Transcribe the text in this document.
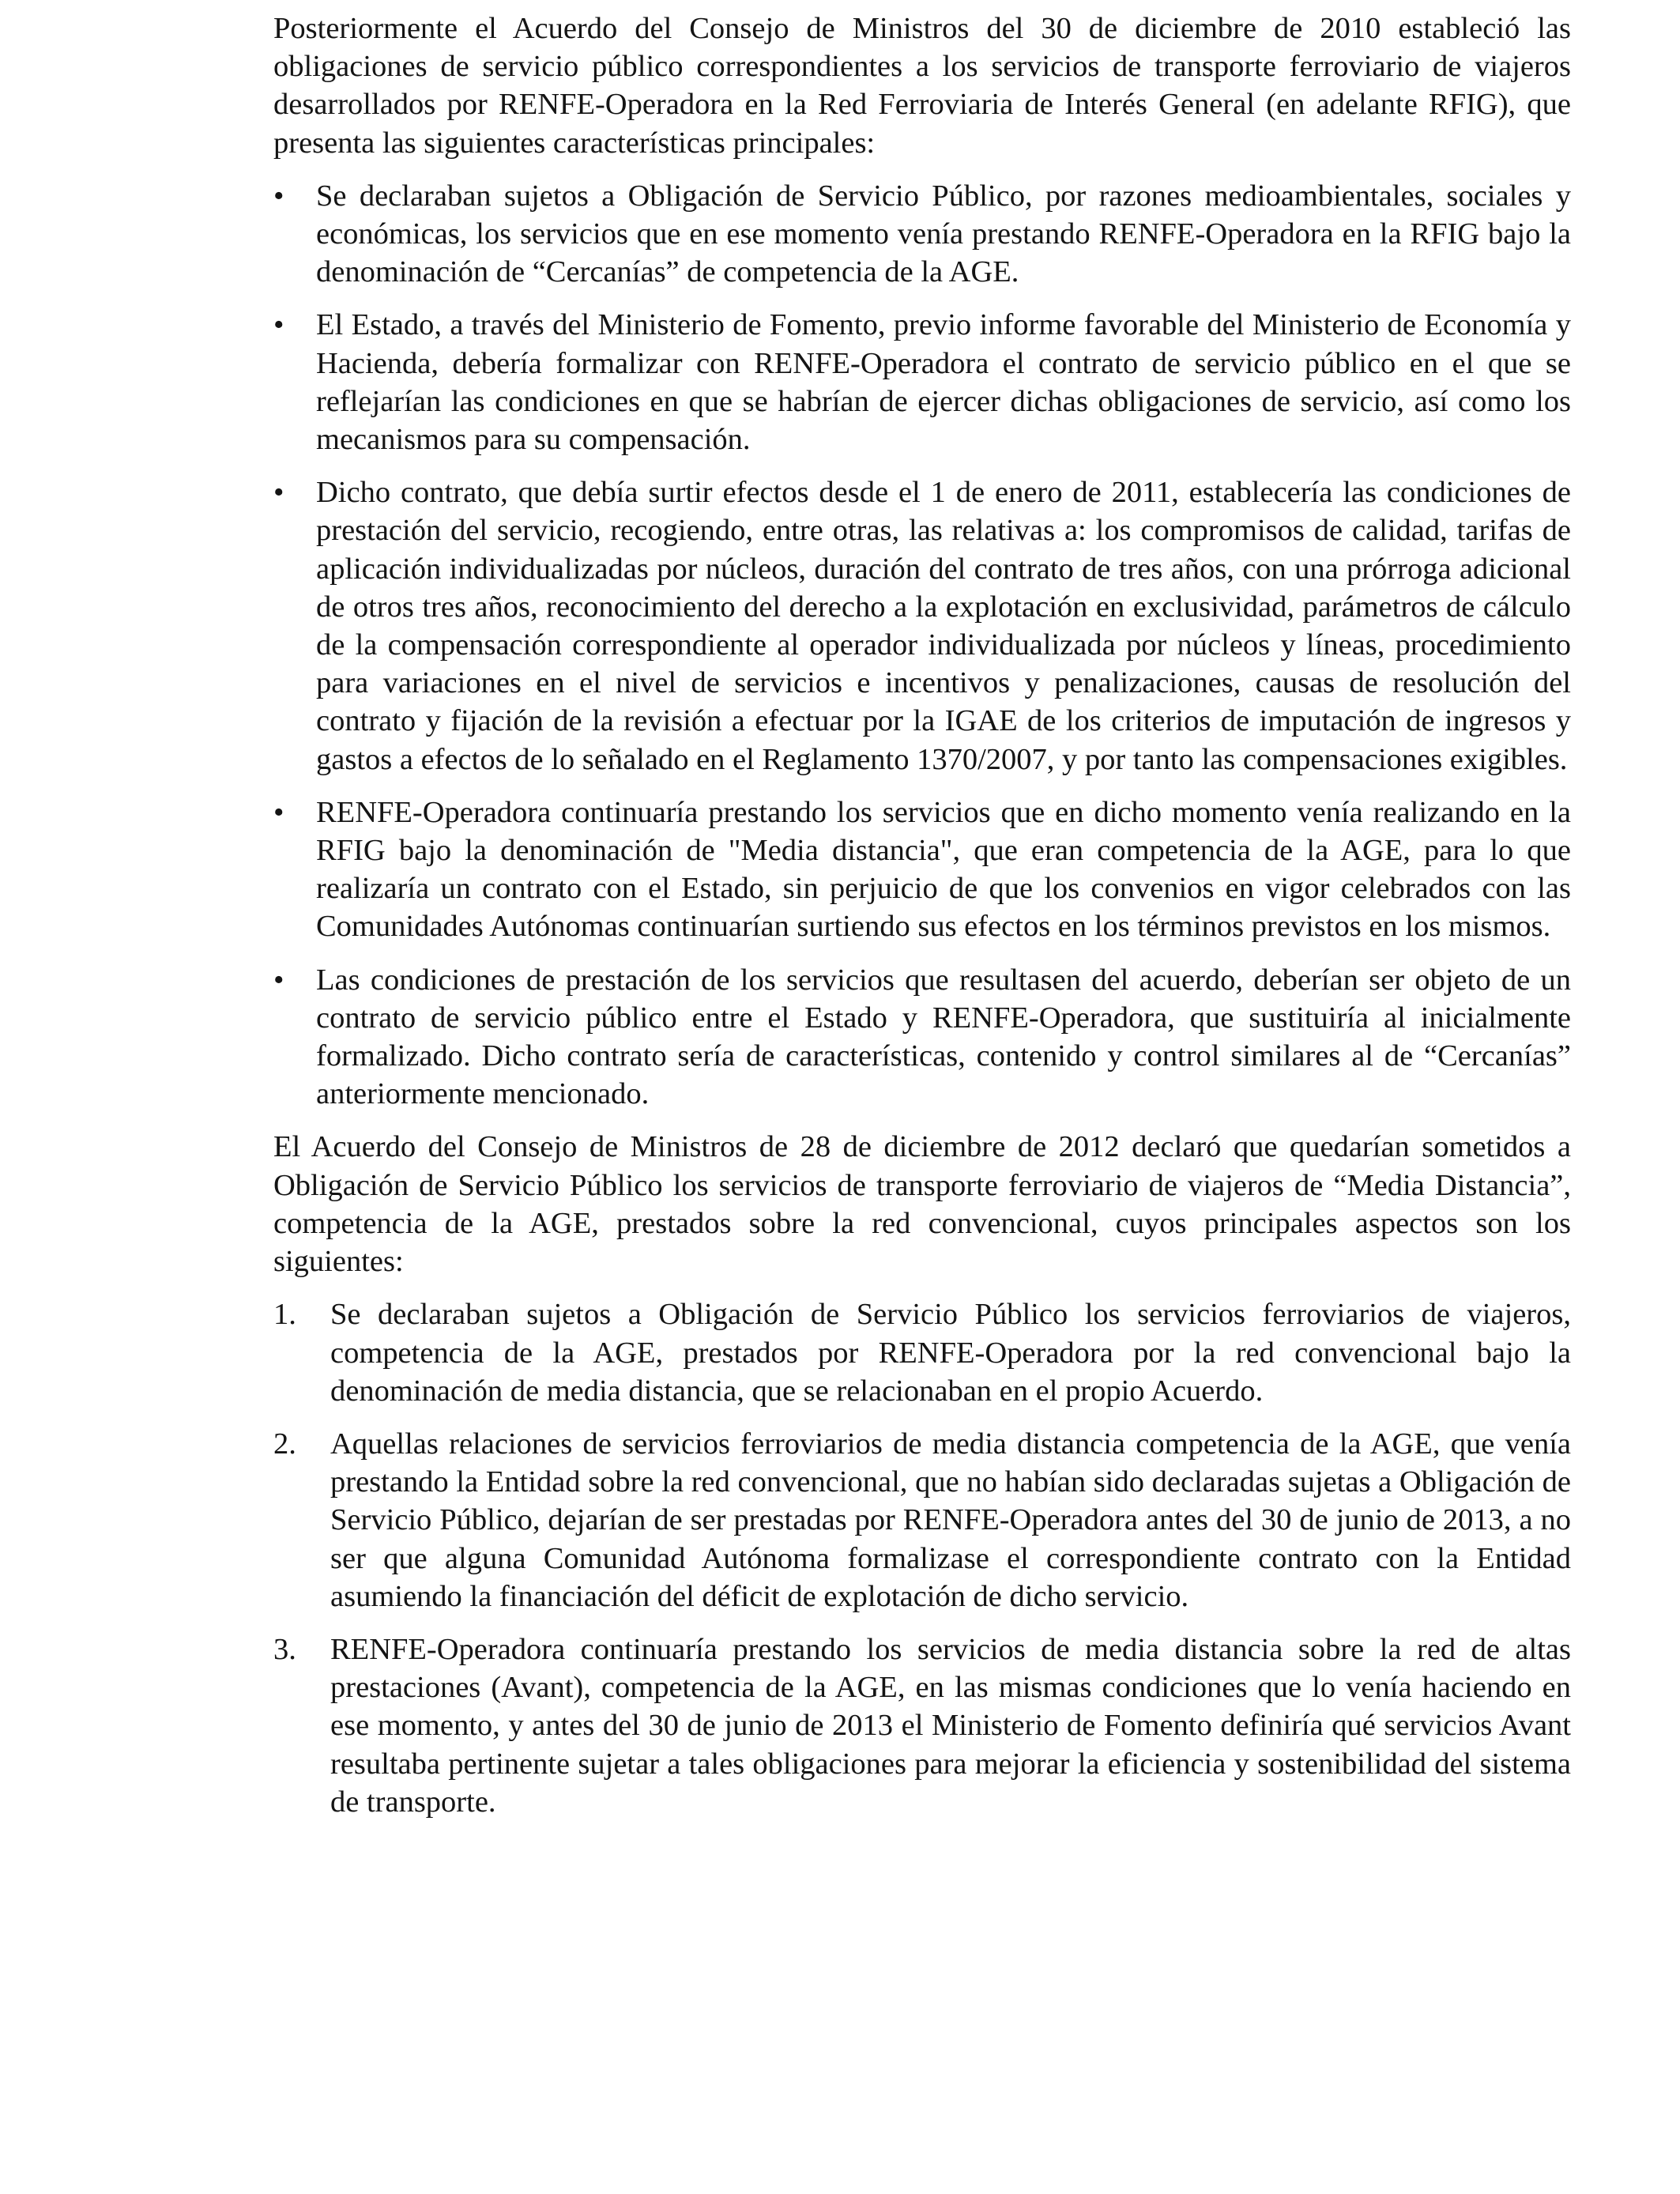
Posteriormente el Acuerdo del Consejo de Ministros del 30 de diciembre de 2010 estableció las obligaciones de servicio público correspondientes a los servicios de transporte ferroviario de viajeros desarrollados por RENFE-Operadora en la Red Ferroviaria de Interés General (en adelante RFIG), que presenta las siguientes características principales:

• Se declaraban sujetos a Obligación de Servicio Público, por razones medioambientales, sociales y económicas, los servicios que en ese momento venía prestando RENFE-Operadora en la RFIG bajo la denominación de “Cercanías” de competencia de la AGE.
• El Estado, a través del Ministerio de Fomento, previo informe favorable del Ministerio de Economía y Hacienda, debería formalizar con RENFE-Operadora el contrato de servicio público en el que se reflejarían las condiciones en que se habrían de ejercer dichas obligaciones de servicio, así como los mecanismos para su compensación.
• Dicho contrato, que debía surtir efectos desde el 1 de enero de 2011, establecería las condiciones de prestación del servicio, recogiendo, entre otras, las relativas a: los compromisos de calidad, tarifas de aplicación individualizadas por núcleos, duración del contrato de tres años, con una prórroga adicional de otros tres años, reconocimiento del derecho a la explotación en exclusividad, parámetros de cálculo de la compensación correspondiente al operador individualizada por núcleos y líneas, procedimiento para variaciones en el nivel de servicios e incentivos y penalizaciones, causas de resolución del contrato y fijación de la revisión a efectuar por la IGAE de los criterios de imputación de ingresos y gastos a efectos de lo señalado en el Reglamento 1370/2007, y por tanto las compensaciones exigibles.
• RENFE-Operadora continuaría prestando los servicios que en dicho momento venía realizando en la RFIG bajo la denominación de "Media distancia", que eran competencia de la AGE, para lo que realizaría un contrato con el Estado, sin perjuicio de que los convenios en vigor celebrados con las Comunidades Autónomas continuarían surtiendo sus efectos en los términos previstos en los mismos.
• Las condiciones de prestación de los servicios que resultasen del acuerdo, deberían ser objeto de un contrato de servicio público entre el Estado y RENFE-Operadora, que sustituiría al inicialmente formalizado. Dicho contrato sería de características, contenido y control similares al de “Cercanías” anteriormente mencionado.

El Acuerdo del Consejo de Ministros de 28 de diciembre de 2012 declaró que quedarían sometidos a Obligación de Servicio Público los servicios de transporte ferroviario de viajeros de “Media Distancia”, competencia de la AGE, prestados sobre la red convencional, cuyos principales aspectos son los siguientes:

1. Se declaraban sujetos a Obligación de Servicio Público los servicios ferroviarios de viajeros, competencia de la AGE, prestados por RENFE-Operadora por la red convencional bajo la denominación de media distancia, que se relacionaban en el propio Acuerdo.
2. Aquellas relaciones de servicios ferroviarios de media distancia competencia de la AGE, que venía prestando la Entidad sobre la red convencional, que no habían sido declaradas sujetas a Obligación de Servicio Público, dejarían de ser prestadas por RENFE-Operadora antes del 30 de junio de 2013, a no ser que alguna Comunidad Autónoma formalizase el correspondiente contrato con la Entidad asumiendo la financiación del déficit de explotación de dicho servicio.
3. RENFE-Operadora continuaría prestando los servicios de media distancia sobre la red de altas prestaciones (Avant), competencia de la AGE, en las mismas condiciones que lo venía haciendo en ese momento, y antes del 30 de junio de 2013 el Ministerio de Fomento definiría qué servicios Avant resultaba pertinente sujetar a tales obligaciones para mejorar la eficiencia y sostenibilidad del sistema de transporte.
